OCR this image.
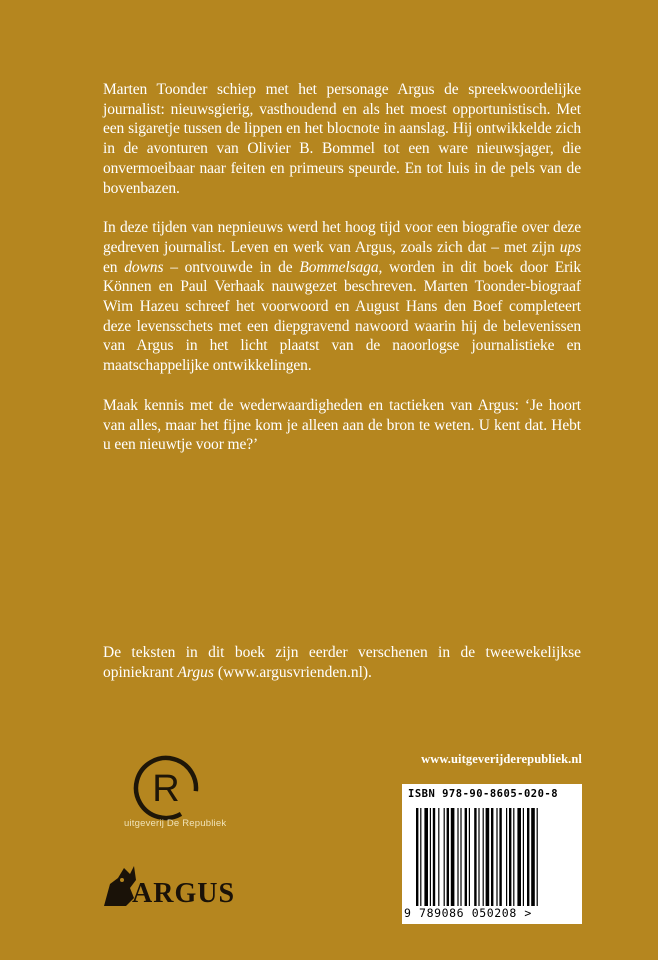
Marten Toonder schiep met het personage Argus de spreekwoordelijke journalist: nieuwsgierig, vasthoudend en als het moest opportunistisch. Met een sigaretje tussen de lippen en het blocnote in aanslag. Hij ontwikkelde zich in de avonturen van Olivier B. Bommel tot een ware nieuwsjager, die onvermoeibaar naar feiten en primeurs speurde. En tot luis in de pels van de bovenbazen.

In deze tijden van nepnieuws werd het hoog tijd voor een biografie over deze gedreven journalist. Leven en werk van Argus, zoals zich dat – met zijn ups en downs – ontvouwde in de Bommelsaga, worden in dit boek door Erik Können en Paul Verhaak nauwgezet beschreven. Marten Toonder-biograaf Wim Hazeu schreef het voorwoord en August Hans den Boef completeert deze levensschets met een diepgravend nawoord waarin hij de belevenissen van Argus in het licht plaatst van de naoorlogse journalistieke en maatschappelijke ontwikkelingen.

Maak kennis met de wederwaardigheden en tactieken van Argus: ‘Je hoort van alles, maar het fijne kom je alleen aan de bron te weten. U kent dat. Hebt u een nieuwtje voor me?’

De teksten in dit boek zijn eerder verschenen in de tweewekelijkse opiniekrant Argus (www.argusvrienden.nl).

www.uitgeverijderepubliek.nl
R
uitgeverij De Republiek
ARGUS
ISBN 978-90-8605-020-8
9 789086 050208 >
